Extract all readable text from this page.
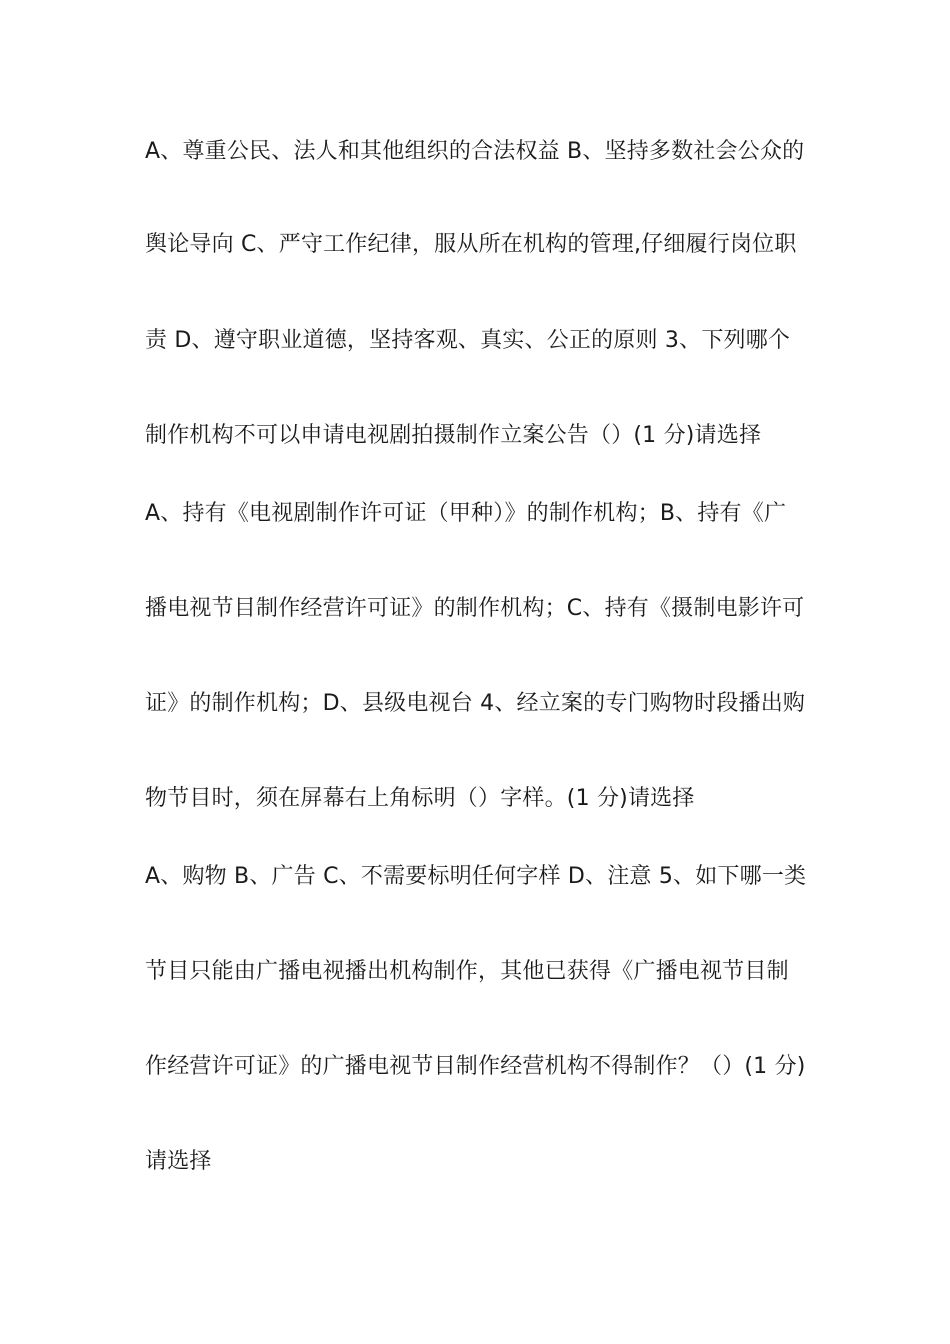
A、尊重公民、法人和其他组织的合法权益 B、坚持多数社会公众的
舆论导向 C、严守工作纪律，服从所在机构的管理,仔细履行岗位职
责 D、遵守职业道德，坚持客观、真实、公正的原则 3、下列哪个
制作机构不可以申请电视剧拍摄制作立案公告（）(1 分)请选择
A、持有《电视剧制作许可证（甲种）》的制作机构；B、持有《广
播电视节目制作经营许可证》的制作机构；C、持有《摄制电影许可
证》的制作机构；D、县级电视台 4、经立案的专门购物时段播出购
物节目时，须在屏幕右上角标明（）字样。(1 分)请选择
A、购物 B、广告 C、不需要标明任何字样 D、注意 5、如下哪一类
节目只能由广播电视播出机构制作，其他已获得《广播电视节目制
作经营许可证》的广播电视节目制作经营机构不得制作？（）(1 分)
请选择
